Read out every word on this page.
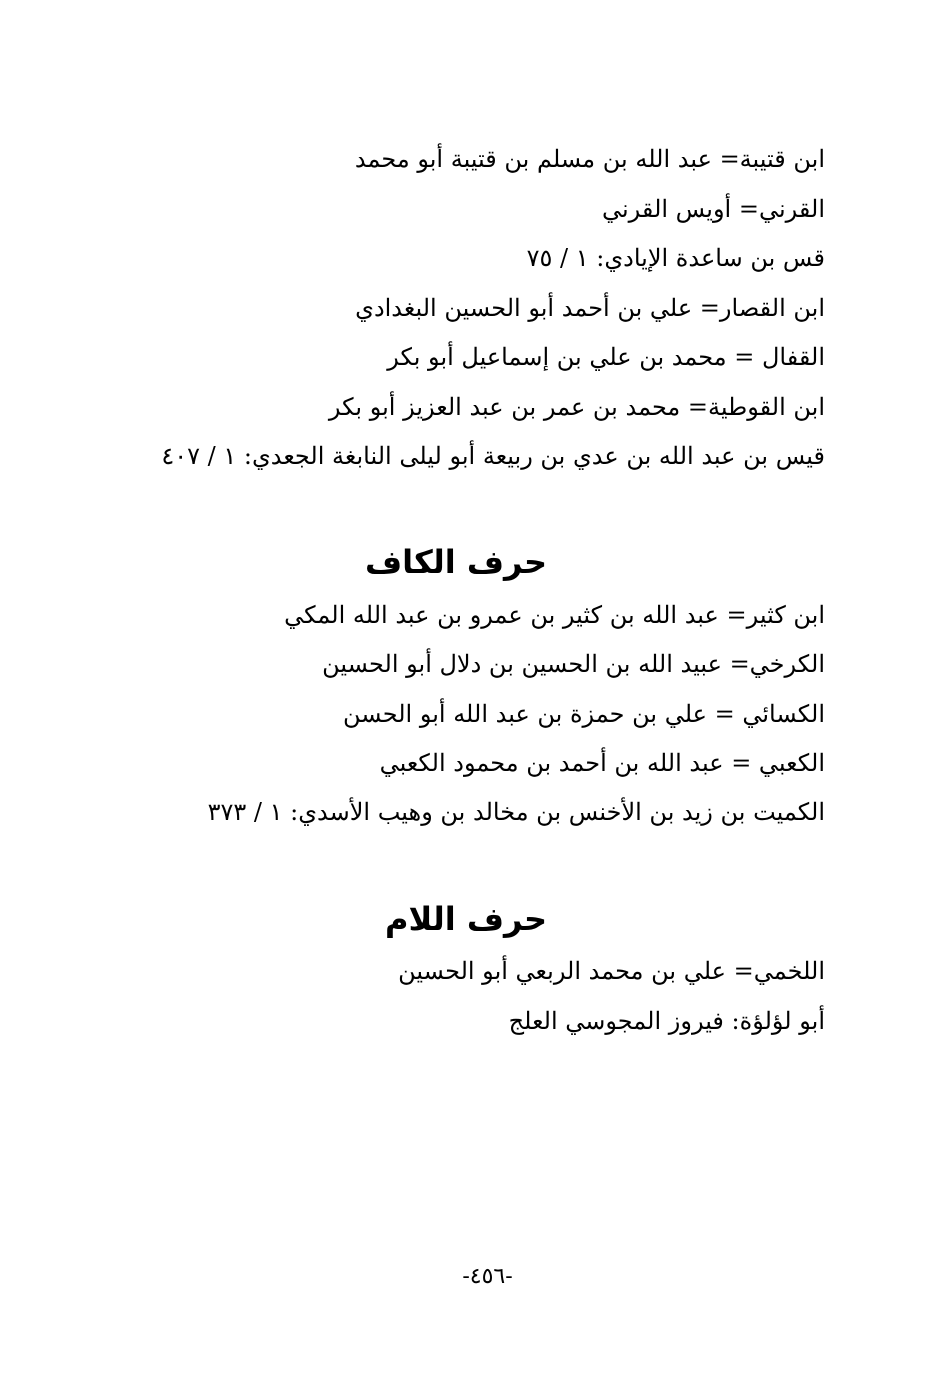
ابن قتيبة= عبد الله بن مسلم بن قتيبة أبو محمد
القرني= أويس القرني
قس بن ساعدة الإيادي: ١ / ٧٥
ابن القصار= علي بن أحمد أبو الحسين البغدادي
القفال = محمد بن علي بن إسماعيل أبو بكر
ابن القوطية= محمد بن عمر بن عبد العزيز أبو بكر
قيس بن عبد الله بن عدي بن ربيعة أبو ليلى النابغة الجعدي: ١ / ٤٠٧
حرف الكاف
ابن كثير= عبد الله بن كثير بن عمرو بن عبد الله المكي
الكرخي= عبيد الله بن الحسين بن دلال أبو الحسين
الكسائي = علي بن حمزة بن عبد الله أبو الحسن
الكعبي = عبد الله بن أحمد بن محمود الكعبي
الكميت بن زيد بن الأخنس بن مخالد بن وهيب الأسدي: ١ / ٣٧٣
حرف اللام
اللخمي= علي بن محمد الربعي أبو الحسين
أبو لؤلؤة: فيروز المجوسي العلج
-٤٥٦-
